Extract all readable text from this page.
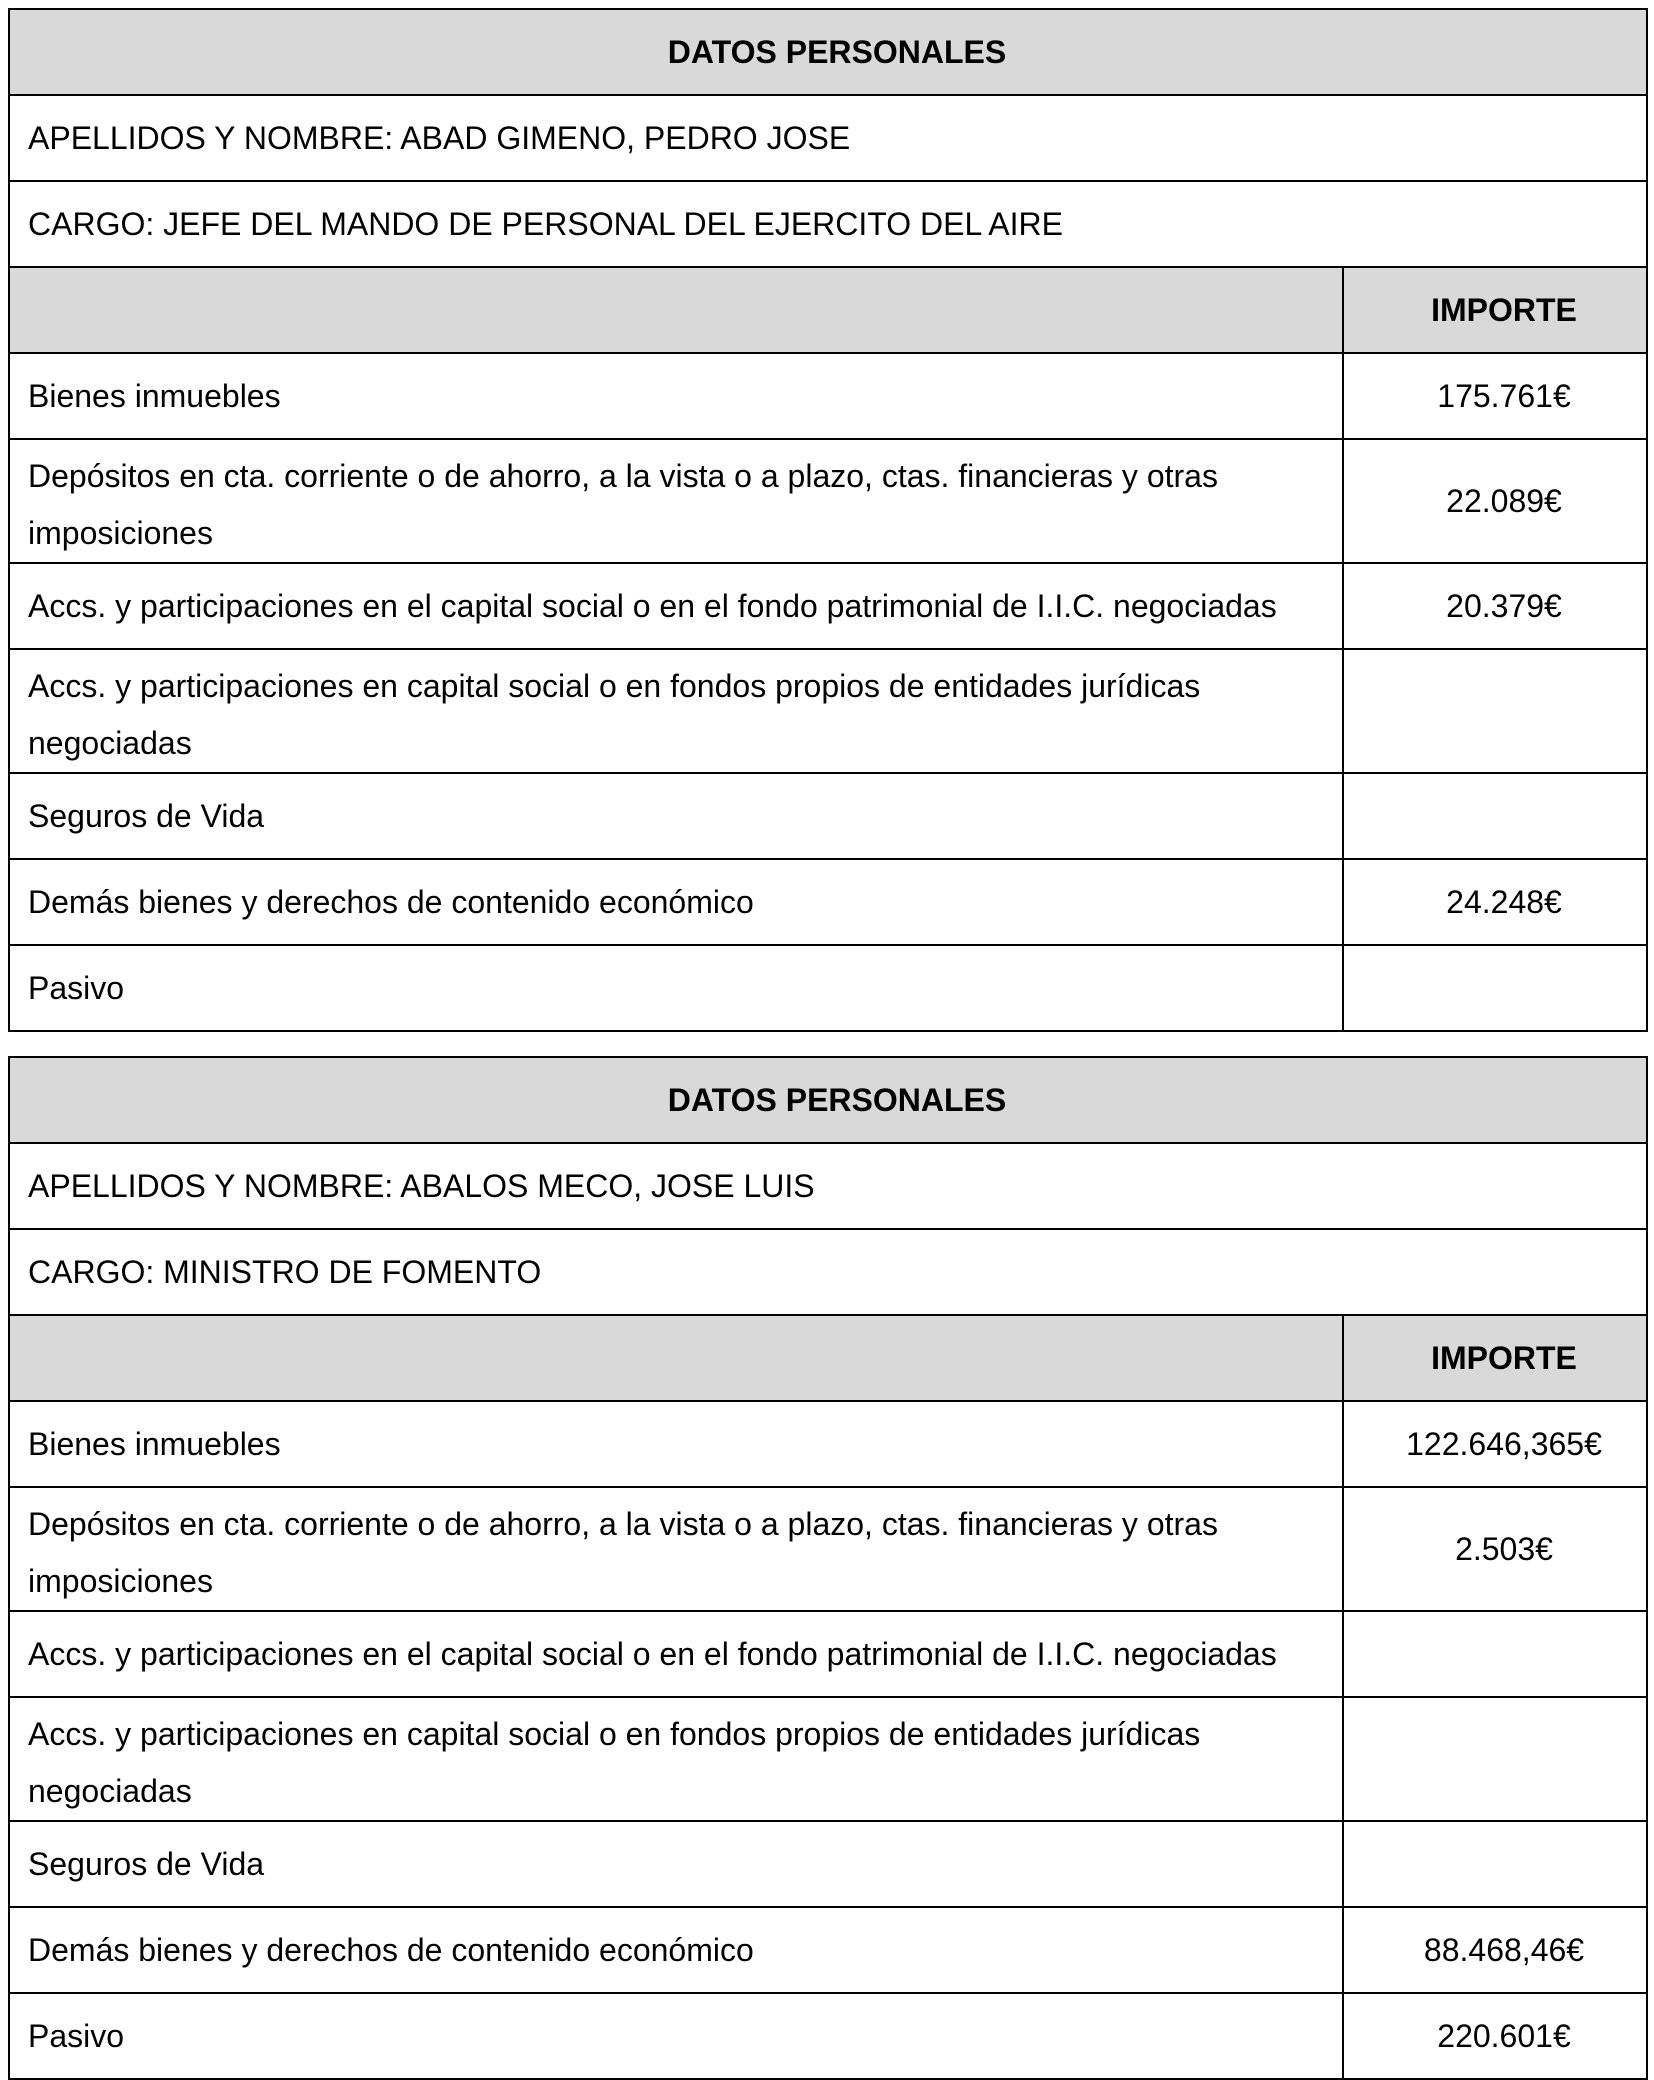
DATOS PERSONALES	
APELLIDOS Y NOMBRE: ABAD GIMENO, PEDRO JOSE	
CARGO: JEFE DEL MANDO DE PERSONAL DEL EJERCITO DEL AIRE	
	IMPORTE
Bienes inmuebles	175.761€
Depósitos en cta. corriente o de ahorro, a la vista o a plazo, ctas. financieras y otras imposiciones	22.089€
Accs. y participaciones en el capital social o en el fondo patrimonial de I.I.C. negociadas	20.379€
Accs. y participaciones en capital social o en fondos propios de entidades jurídicas negociadas	
Seguros de Vida	
Demás bienes y derechos de contenido económico	24.248€
Pasivo	
DATOS PERSONALES	
APELLIDOS Y NOMBRE: ABALOS MECO, JOSE LUIS	
CARGO: MINISTRO DE FOMENTO	
	IMPORTE
Bienes inmuebles	122.646,365€
Depósitos en cta. corriente o de ahorro, a la vista o a plazo, ctas. financieras y otras imposiciones	2.503€
Accs. y participaciones en el capital social o en el fondo patrimonial de I.I.C. negociadas	
Accs. y participaciones en capital social o en fondos propios de entidades jurídicas negociadas	
Seguros de Vida	
Demás bienes y derechos de contenido económico	88.468,46€
Pasivo	220.601€
